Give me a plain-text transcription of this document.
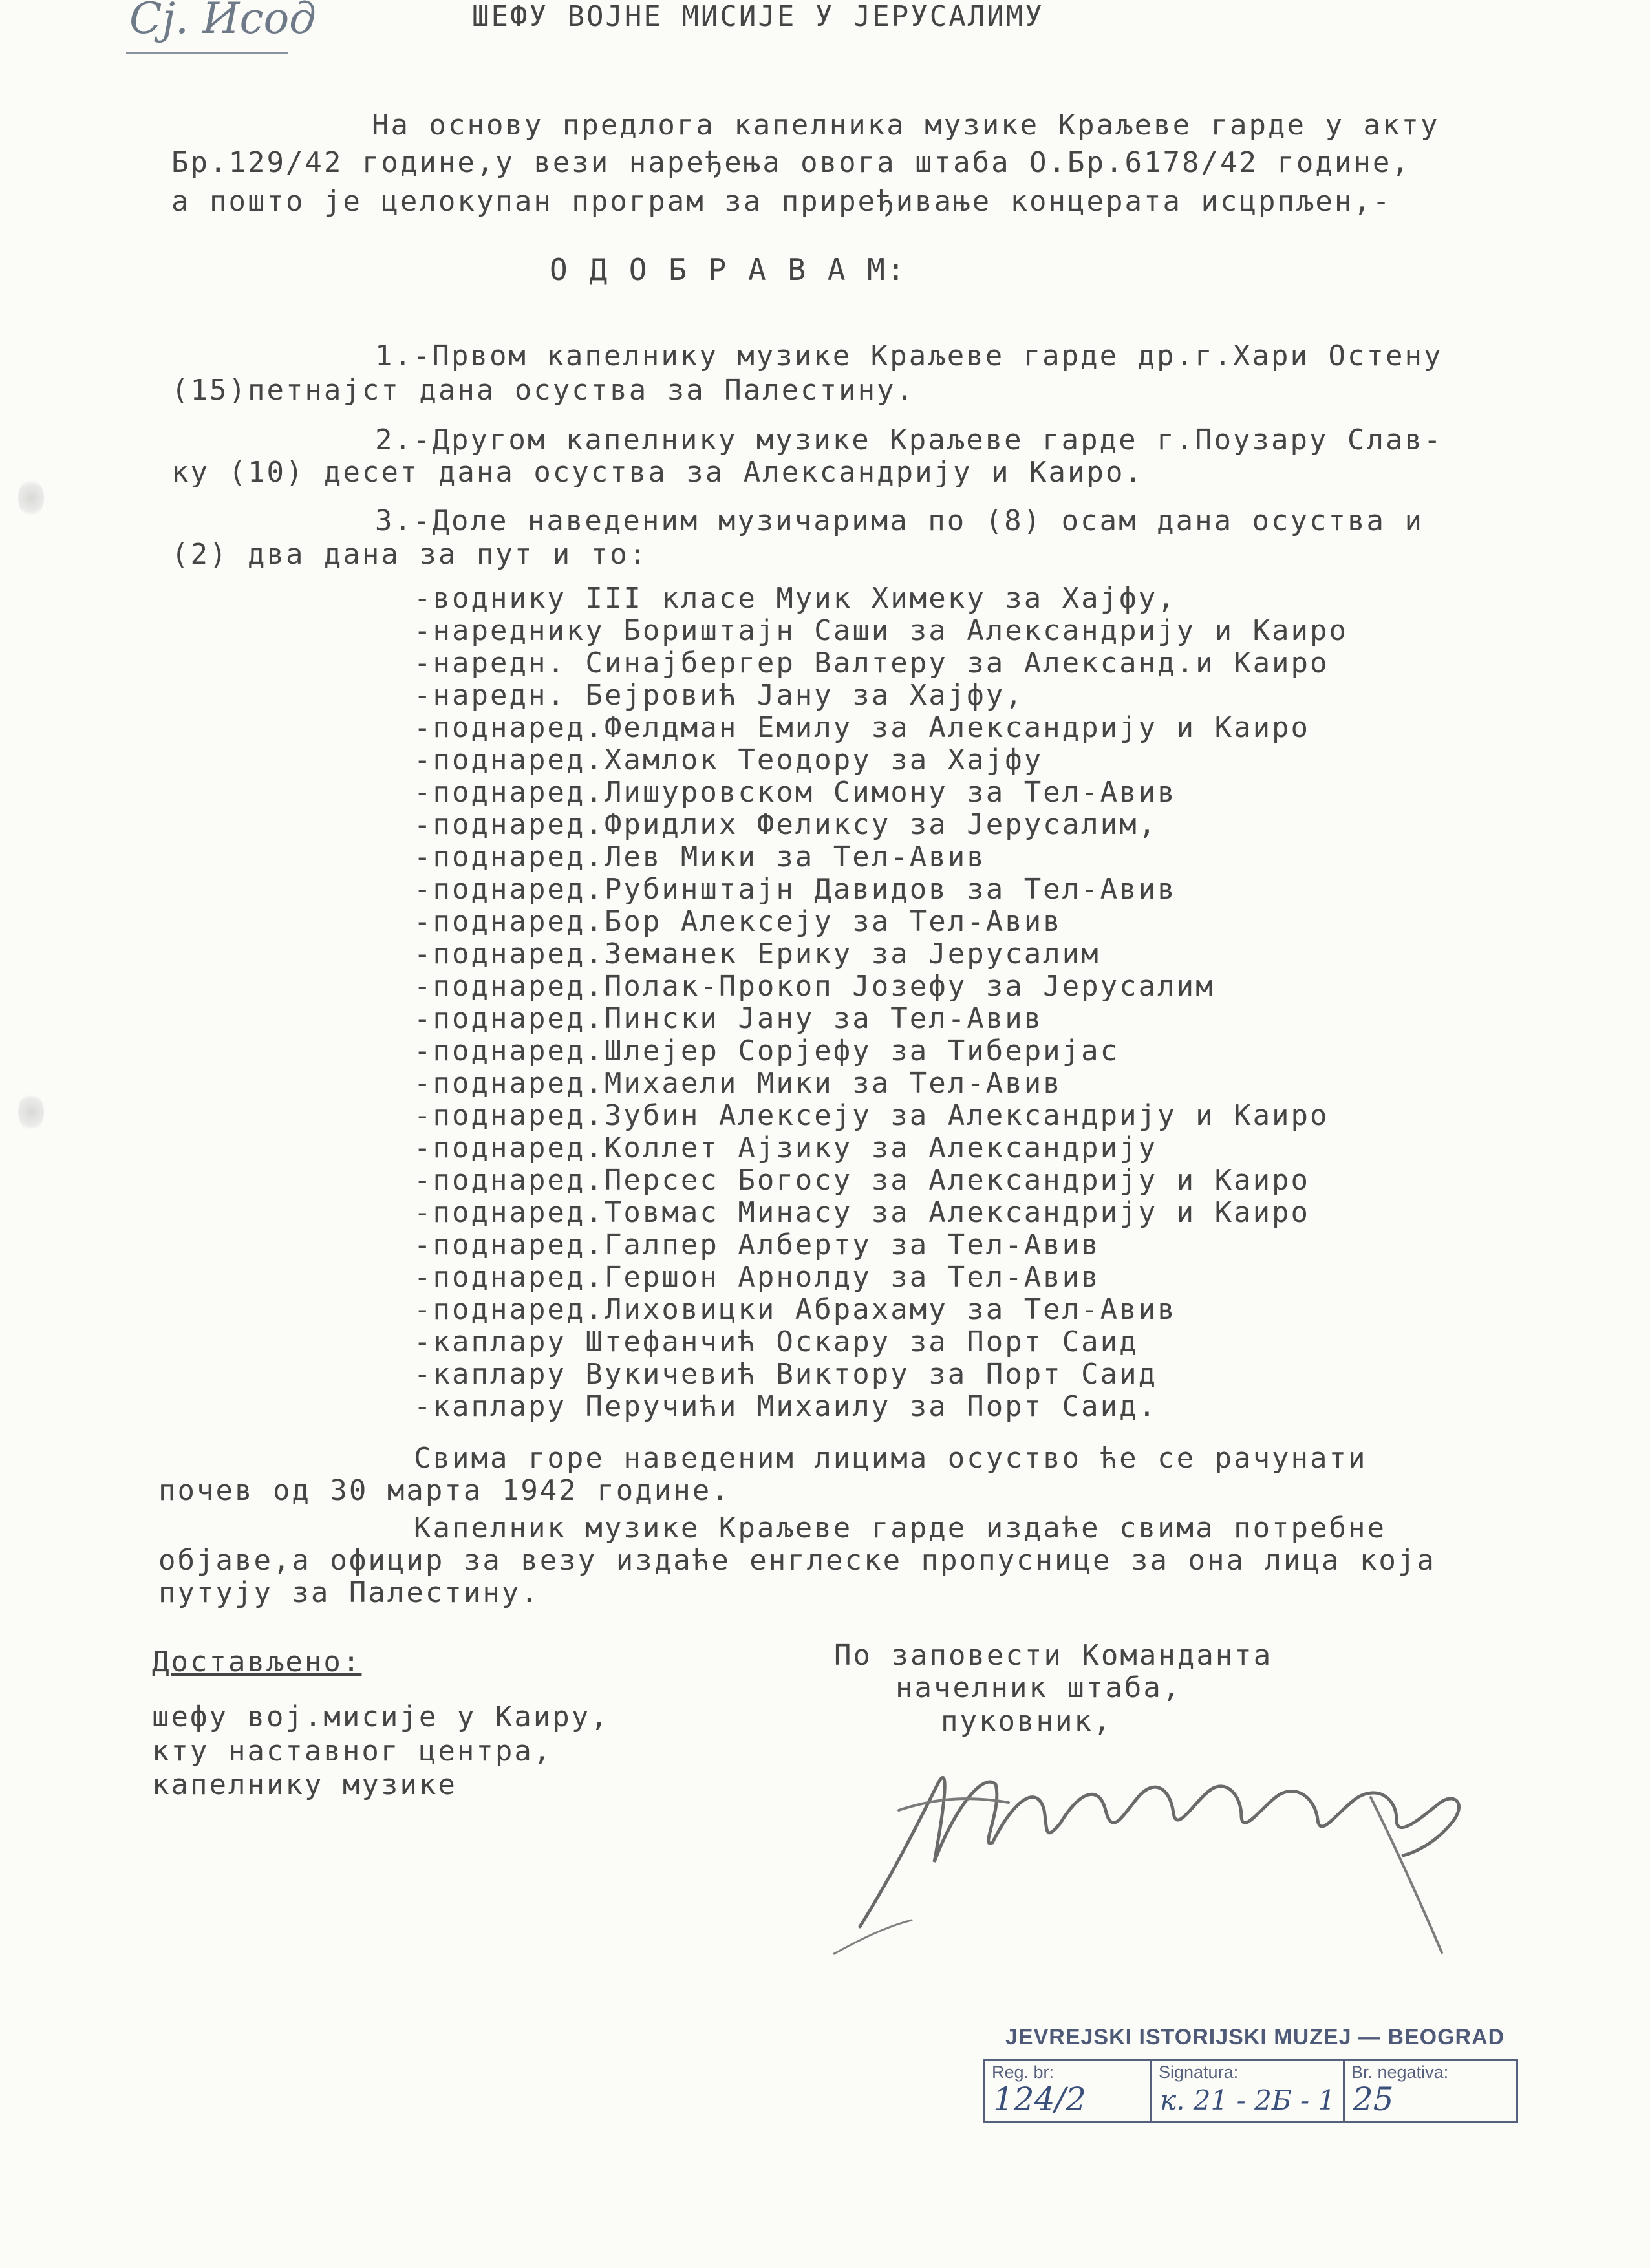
Сј. Исод	ШЕФУ ВОЈНЕ МИСИЈЕ У ЈЕРУСАЛИМУ
На основу предлога капелника музике Краљеве гарде у акту
Бр.129/42 године,у вези наређења овога штаба О.Бр.6178/42 године,
а пошто је целокупан програм за приређивање концерата исцрпљен,-
О Д О Б Р А В А М:
1.-Првом капелнику музике Краљеве гарде др.г.Хари Остену
(15)петнајст дана осуства за Палестину.
2.-Другом капелнику музике Краљеве гарде г.Поузару Слав-
ку (10) десет дана осуства за Александрију и Каиро.
3.-Доле наведеним музичарима по (8) осам дана осуства и
(2) два дана за пут и то:
-воднику III класе Муик Химеку за Хајфу,
-нареднику Бориштајн Саши за Александрију и Каиро
-наредн. Синајбергер Валтеру за Александ.и Каиро
-наредн. Бејровић Јану за Хајфу,
-поднаред.Фелдман Емилу за Александрију и Каиро
-поднаред.Хамлок Теодору за Хајфу
-поднаред.Лишуровском Симону за Тел-Авив
-поднаред.Фридлих Феликсу за Јерусалим,
-поднаред.Лев Мики за Тел-Авив
-поднаред.Рубинштајн Давидов за Тел-Авив
-поднаред.Бор Алексеју за Тел-Авив
-поднаред.Земанек Ерику за Јерусалим
-поднаред.Полак-Прокоп Јозефу за Јерусалим
-поднаред.Пински Јану за Тел-Авив
-поднаред.Шлејер Сорјефу за Тиберијас
-поднаред.Михаели Мики за Тел-Авив
-поднаред.Зубин Алексеју за Александрију и Каиро
-поднаред.Коллет Ајзику за Александрију
-поднаред.Персес Богосу за Александрију и Каиро
-поднаред.Товмас Минасу за Александрију и Каиро
-поднаред.Галпер Алберту за Тел-Авив
-поднаред.Гершон Арнолду за Тел-Авив
-поднаред.Лиховицки Абрахаму за Тел-Авив
-каплару Штефанчић Оскару за Порт Саид
-каплару Вукичевић Виктору за Порт Саид
-каплару Перучићи Михаилу за Порт Саид.
Свима горе наведеним лицима осуство ће се рачунати
почев од 30 марта 1942 године.
Капелник музике Краљеве гарде издаће свима потребне
објаве,а официр за везу издаће енглеске пропуснице за она лица која
путују за Палестину.
Достављено:
шефу вој.мисије у Каиру,
кту наставног центра,
капелнику музике
По заповести Команданта
начелник штаба,
пуковник,
JEVREJSKI ISTORIJSKI MUZEJ — BEOGRAD
Reg. br:
124/2
Signatura:
к. 21 - 2Б - 1
Br. negativa:
25
